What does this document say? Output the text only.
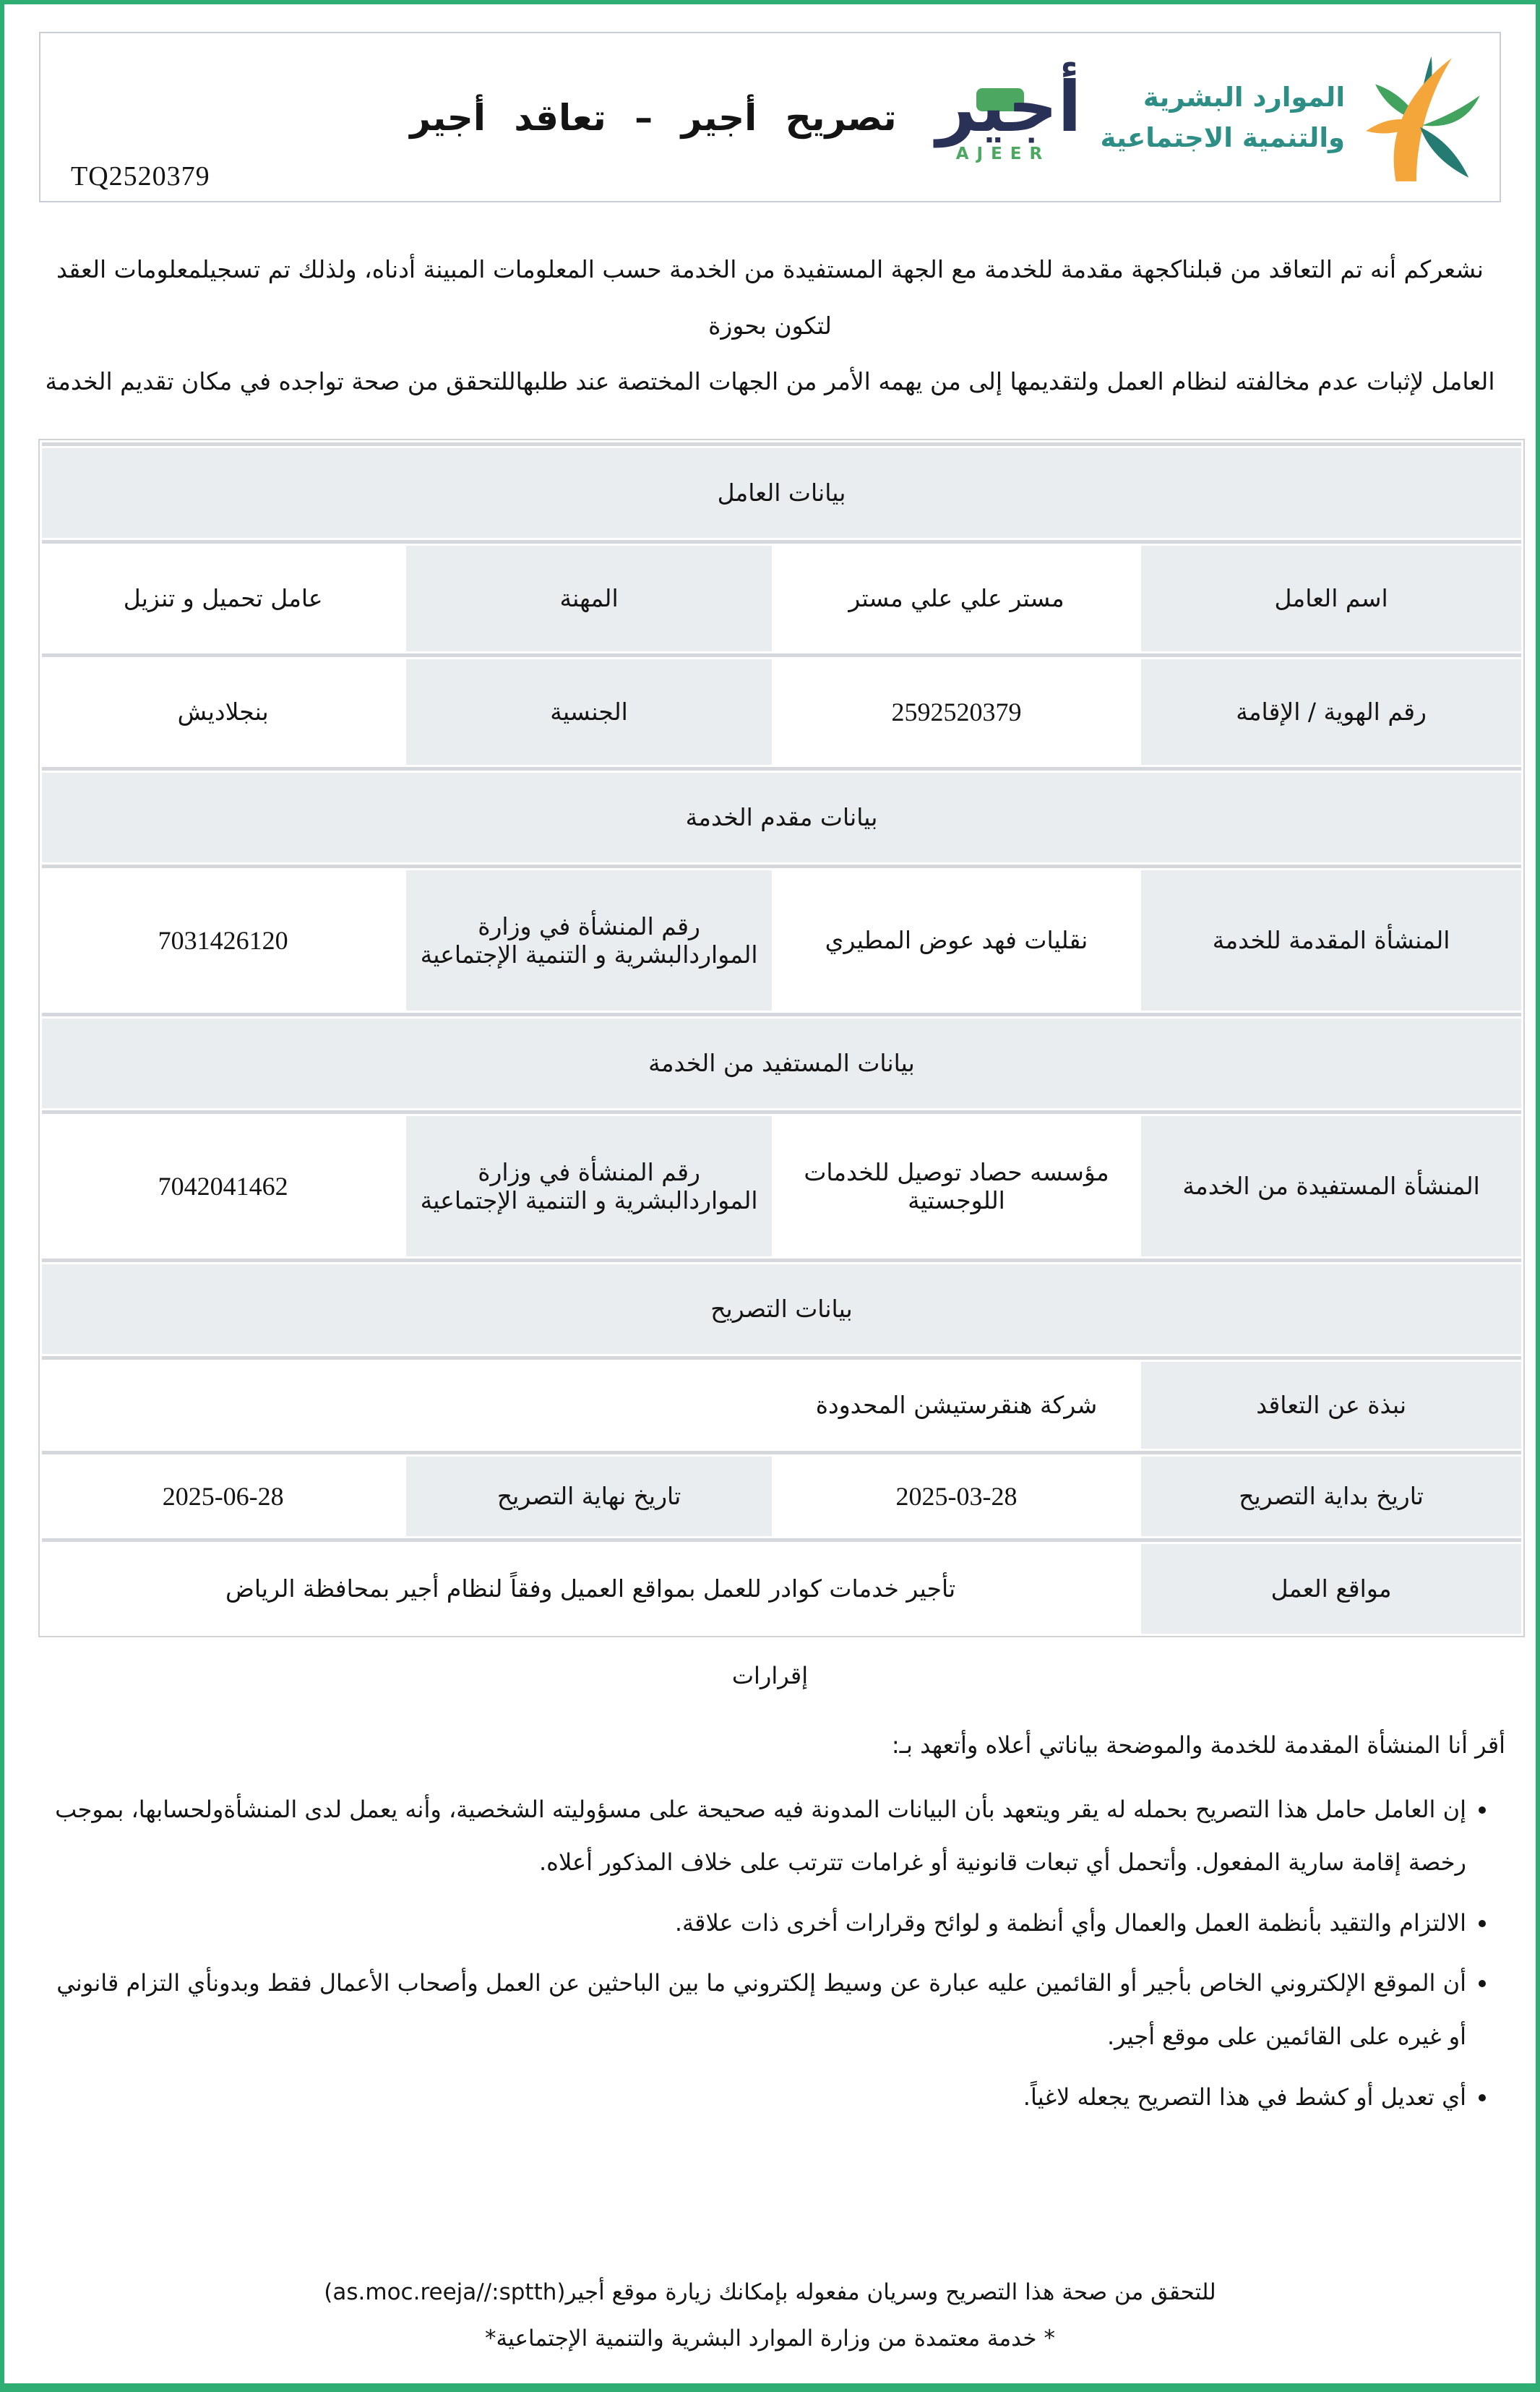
تصريح أجير – تعاقد أجير
TQ2520379
أجير
AJEER
الموارد البشرية
والتنمية الاجتماعية
نشعركم أنه تم التعاقد من قبلناكجهة مقدمة للخدمة مع الجهة المستفيدة من الخدمة حسب المعلومات المبينة أدناه، ولذلك تم تسجيلمعلومات العقد لتكون بحوزة
العامل لإثبات عدم مخالفته لنظام العمل ولتقديمها إلى من يهمه الأمر من الجهات المختصة عند طلبهاللتحقق من صحة تواجده في مكان تقديم الخدمة

بيانات العامل			

اسم العامل	مستر علي علي مستر	المهنة	عامل تحميل و تنزيل

رقم الهوية / الإقامة	2592520379	الجنسية	بنجلاديش

بيانات مقدم الخدمة			

المنشأة المقدمة للخدمة	نقليات فهد عوض المطيري	رقم المنشأة في وزارة المواردالبشرية و التنمية الإجتماعية	7031426120

بيانات المستفيد من الخدمة			

المنشأة المستفيدة من الخدمة	مؤسسه حصاد توصيل للخدمات اللوجستية	رقم المنشأة في وزارة المواردالبشرية و التنمية الإجتماعية	7042041462

بيانات التصريح			

نبذة عن التعاقد	شركة هنقرستيشن المحدودة		

تاريخ بداية التصريح	2025-03-28	تاريخ نهاية التصريح	2025-06-28

مواقع العمل	تأجير خدمات كوادر للعمل بمواقع العميل وفقاً لنظام أجير بمحافظة الرياض		
إقرارات
أقر أنا المنشأة المقدمة للخدمة والموضحة بياناتي أعلاه وأتعهد بـ:
• إن العامل حامل هذا التصريح بحمله له يقر ويتعهد بأن البيانات المدونة فيه صحيحة على مسؤوليته الشخصية، وأنه يعمل لدى المنشأةولحسابها، بموجب رخصة إقامة سارية المفعول. وأتحمل أي تبعات قانونية أو غرامات تترتب على خلاف المذكور أعلاه.
• الالتزام والتقيد بأنظمة العمل والعمال وأي أنظمة و لوائح وقرارات أخرى ذات علاقة.
• أن الموقع الإلكتروني الخاص بأجير أو القائمين عليه عبارة عن وسيط إلكتروني ما بين الباحثين عن العمل وأصحاب الأعمال فقط وبدونأي التزام قانوني أو غيره على القائمين على موقع أجير.
• أي تعديل أو كشط في هذا التصريح يجعله لاغياً.
للتحقق من صحة هذا التصريح وسريان مفعوله بإمكانك زيارة موقع أجير(as.moc.reeja//:sptth)
* خدمة معتمدة من وزارة الموارد البشرية والتنمية الإجتماعية*
